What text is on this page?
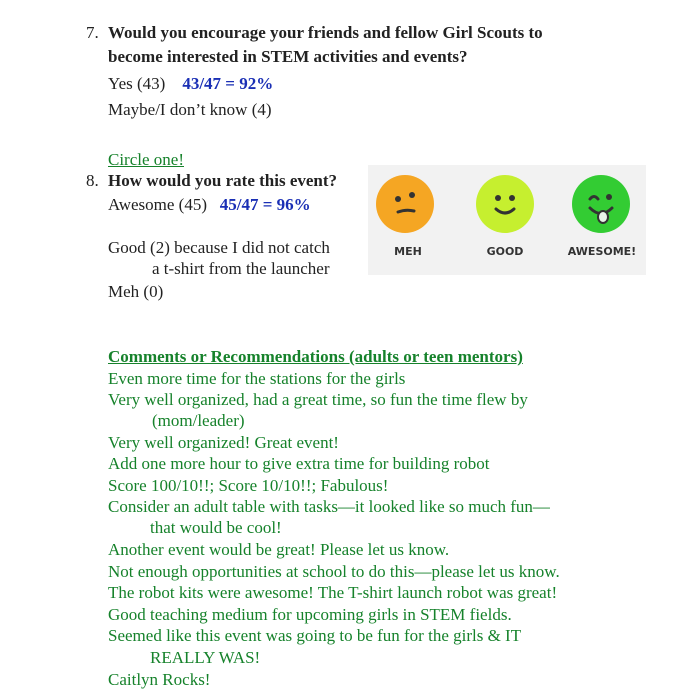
7. Would you encourage your friends and fellow Girl Scouts to
become interested in STEM activities and events?
Yes (43) 43/47 = 92%
Maybe/I don’t know (4)
Circle one!
8. How would you rate this event?
Awesome (45) 45/47 = 96%
Good (2) because I did not catch
a t-shirt from the launcher
Meh (0)
MEH	GOOD	AWESOME!
Comments or Recommendations (adults or teen mentors)
Even more time for the stations for the girls
Very well organized, had a great time, so fun the time flew by
(mom/leader)
Very well organized! Great event!
Add one more hour to give extra time for building robot
Score 100/10!!; Score 10/10!!; Fabulous!
Consider an adult table with tasks—it looked like so much fun—
that would be cool!
Another event would be great! Please let us know.
Not enough opportunities at school to do this—please let us know.
The robot kits were awesome! The T-shirt launch robot was great!
Good teaching medium for upcoming girls in STEM fields.
Seemed like this event was going to be fun for the girls & IT
REALLY WAS!
Caitlyn Rocks!
